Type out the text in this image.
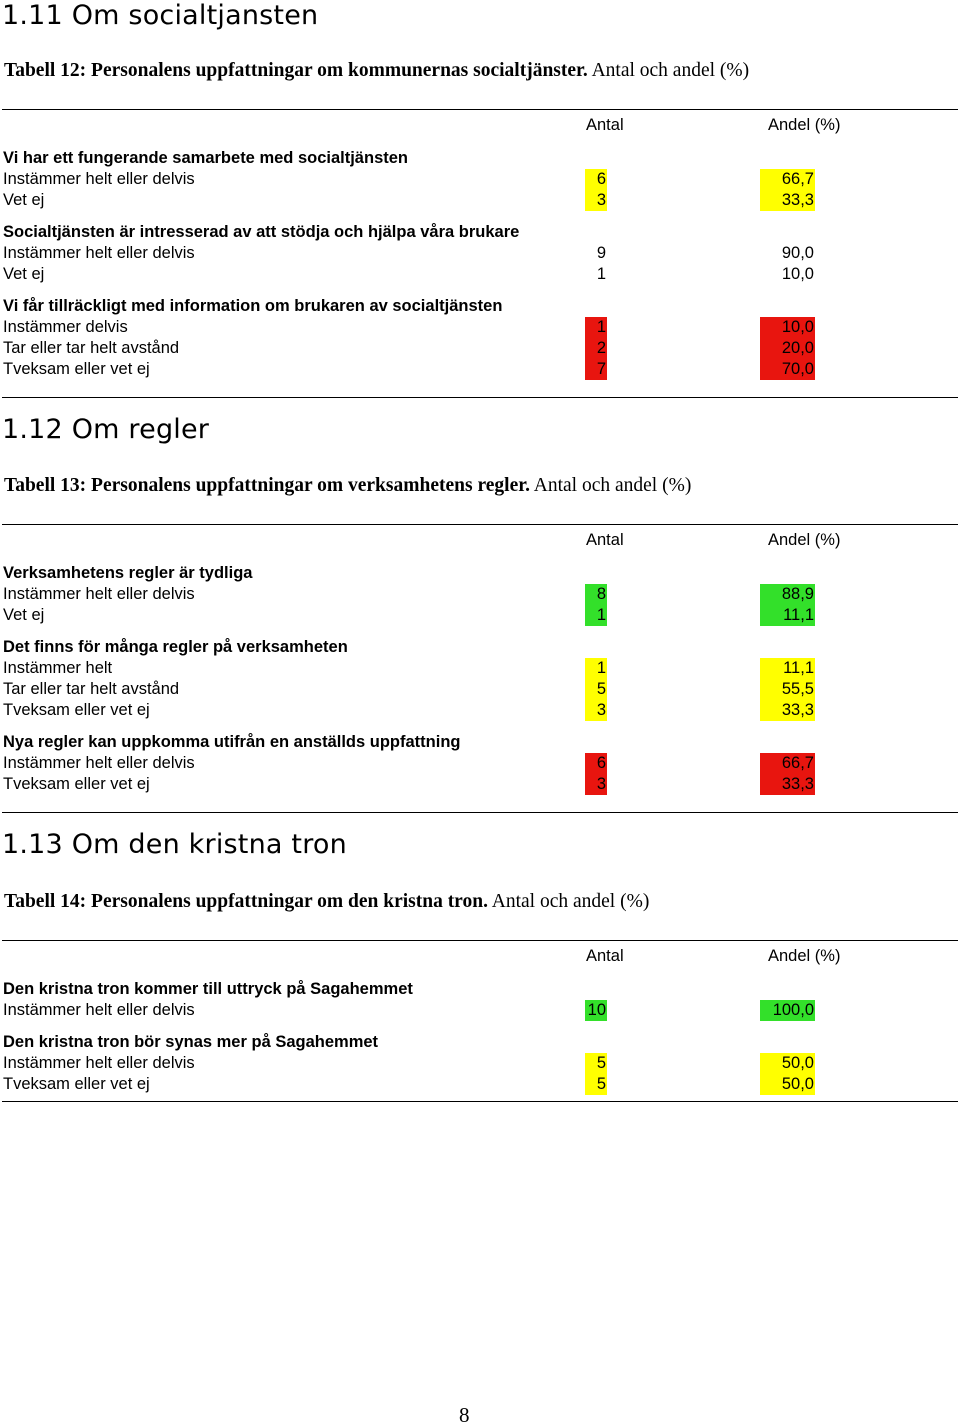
1.11 Om socialtjansten

Tabell 12: Personalens uppfattningar om kommunernas socialtjänster. Antal och andel (%)

Antal	Andel (%)
Vi har ett fungerande samarbete med socialtjänsten
Instämmer helt eller delvis	6	66,7
Vet ej	3	33,3
Socialtjänsten är intresserad av att stödja och hjälpa våra brukare
Instämmer helt eller delvis	9	90,0
Vet ej	1	10,0
Vi får tillräckligt med information om brukaren av socialtjänsten
Instämmer delvis	1	10,0
Tar eller tar helt avstånd	2	20,0
Tveksam eller vet ej	7	70,0
1.12 Om regler

Tabell 13: Personalens uppfattningar om verksamhetens regler. Antal och andel (%)

Antal	Andel (%)
Verksamhetens regler är tydliga
Instämmer helt eller delvis	8	88,9
Vet ej	1	11,1
Det finns för många regler på verksamheten
Instämmer helt	1	11,1
Tar eller tar helt avstånd	5	55,5
Tveksam eller vet ej	3	33,3
Nya regler kan uppkomma utifrån en anställds uppfattning
Instämmer helt eller delvis	6	66,7
Tveksam eller vet ej	3	33,3
1.13 Om den kristna tron

Tabell 14: Personalens uppfattningar om den kristna tron. Antal och andel (%)

Antal	Andel (%)
Den kristna tron kommer till uttryck på Sagahemmet
Instämmer helt eller delvis	10	100,0
Den kristna tron bör synas mer på Sagahemmet
Instämmer helt eller delvis	5	50,0
Tveksam eller vet ej	5	50,0
8
